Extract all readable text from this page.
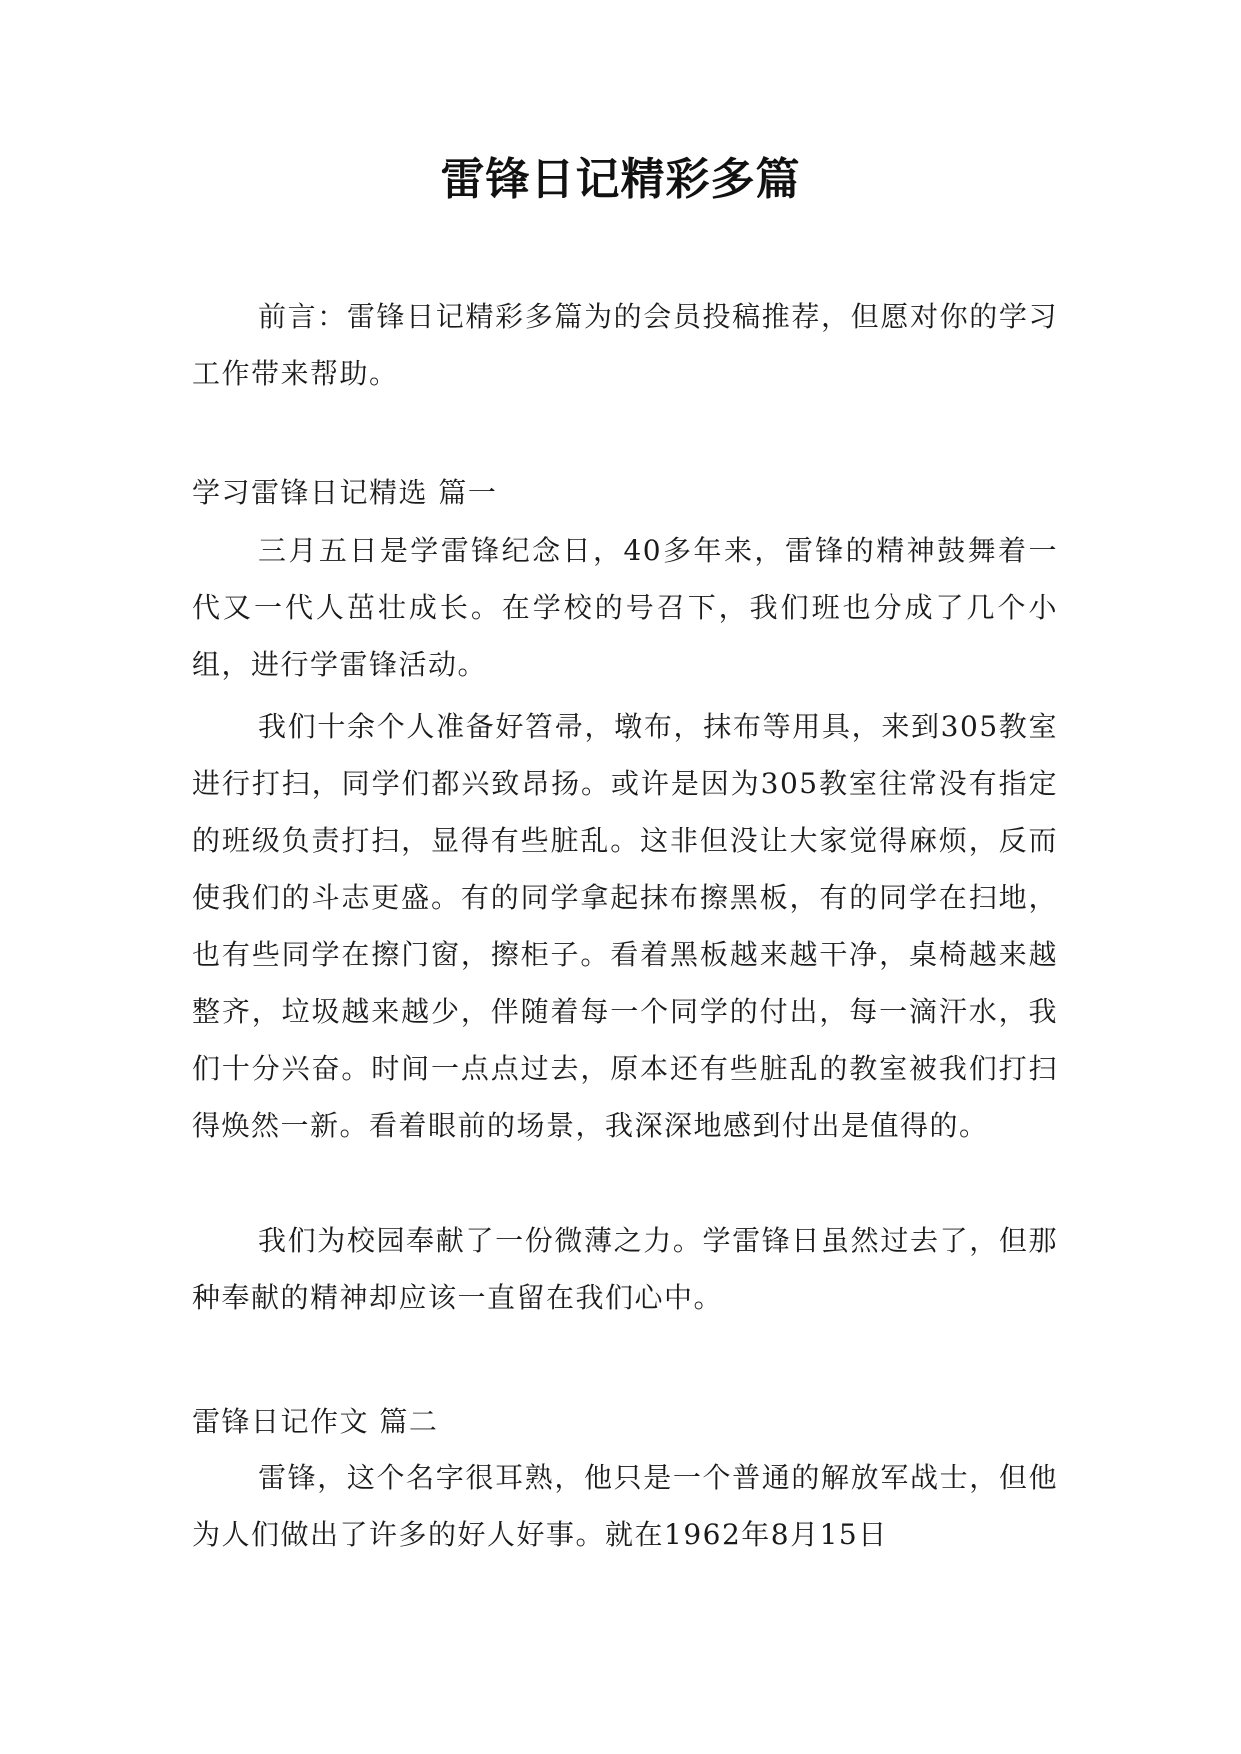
雷锋日记精彩多篇

前言：雷锋日记精彩多篇为的会员投稿推荐，但愿对你的学习工作带来帮助。

学习雷锋日记精选 篇一

三月五日是学雷锋纪念日，40多年来，雷锋的精神鼓舞着一代又一代人茁壮成长。在学校的号召下，我们班也分成了几个小组，进行学雷锋活动。

我们十余个人准备好笤帚，墩布，抹布等用具，来到305教室进行打扫，同学们都兴致昂扬。或许是因为305教室往常没有指定的班级负责打扫，显得有些脏乱。这非但没让大家觉得麻烦，反而使我们的斗志更盛。有的同学拿起抹布擦黑板，有的同学在扫地，也有些同学在擦门窗，擦柜子。看着黑板越来越干净，桌椅越来越整齐，垃圾越来越少，伴随着每一个同学的付出，每一滴汗水，我们十分兴奋。时间一点点过去，原本还有些脏乱的教室被我们打扫得焕然一新。看着眼前的场景，我深深地感到付出是值得的。

我们为校园奉献了一份微薄之力。学雷锋日虽然过去了，但那种奉献的精神却应该一直留在我们心中。

雷锋日记作文 篇二

雷锋，这个名字很耳熟，他只是一个普通的解放军战士，但他为人们做出了许多的好人好事。就在1962年8月15日
